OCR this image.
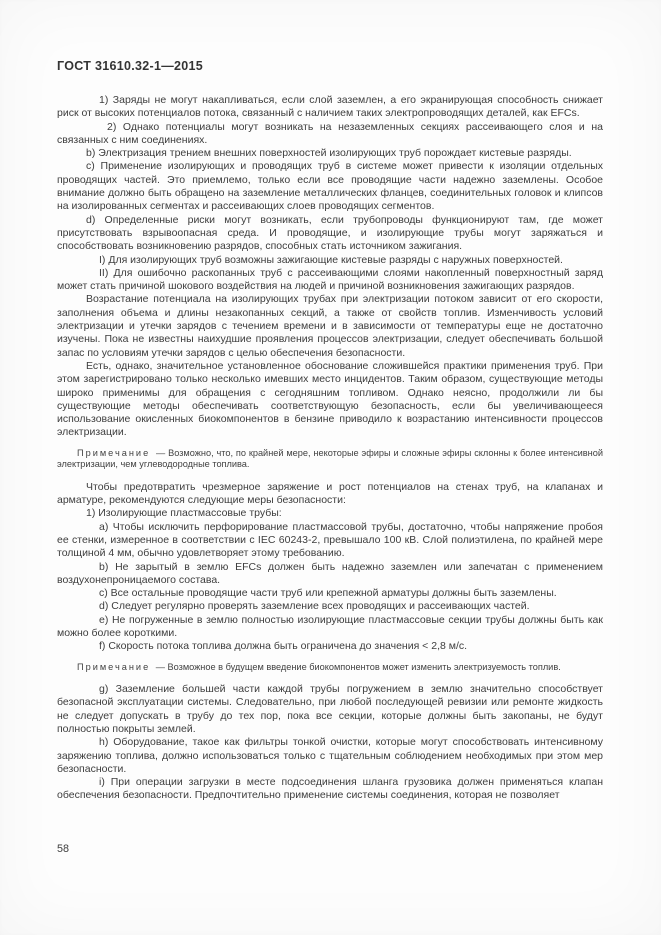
ГОСТ 31610.32-1—2015

1) Заряды не могут накапливаться, если слой заземлен, а его экранирующая способность снижает риск от высоких потенциалов потока, связанный с наличием таких электропроводящих деталей, как EFCs.

2) Однако потенциалы могут возникать на незаземленных секциях рассеивающего слоя и на связанных с ним соединениях.

b) Электризация трением внешних поверхностей изолирующих труб порождает кистевые разряды.

c) Применение изолирующих и проводящих труб в системе может привести к изоляции отдельных проводящих частей. Это приемлемо, только если все проводящие части надежно заземлены. Особое внимание должно быть обращено на заземление металлических фланцев, соединительных головок и клипсов на изолированных сегментах и рассеивающих слоев проводящих сегментов.

d) Определенные риски могут возникать, если трубопроводы функционируют там, где может присутствовать взрывоопасная среда. И проводящие, и изолирующие трубы могут заряжаться и способствовать возникновению разрядов, способных стать источником зажигания.

I) Для изолирующих труб возможны зажигающие кистевые разряды с наружных поверхностей.

II) Для ошибочно раскопанных труб с рассеивающими слоями накопленный поверхностный заряд может стать причиной шокового воздействия на людей и причиной возникновения зажигающих разрядов.

Возрастание потенциала на изолирующих трубах при электризации потоком зависит от его скорости, заполнения объема и длины незакопанных секций, а также от свойств топлив. Изменчивость условий электризации и утечки зарядов с течением времени и в зависимости от температуры еще не достаточно изучены. Пока не известны наихудшие проявления процессов электризации, следует обеспечивать большой запас по условиям утечки зарядов с целью обеспечения безопасности.

Есть, однако, значительное установленное обоснование сложившейся практики применения труб. При этом зарегистрировано только несколько имевших место инцидентов. Таким образом, существующие методы широко применимы для обращения с сегодняшним топливом. Однако неясно, продолжили ли бы существующие методы обеспечивать соответствующую безопасность, если бы увеличивающееся использование окисленных биокомпонентов в бензине приводило к возрастанию интенсивности процессов электризации.

Примечание — Возможно, что, по крайней мере, некоторые эфиры и сложные эфиры склонны к более интенсивной электризации, чем углеводородные топлива.

Чтобы предотвратить чрезмерное заряжение и рост потенциалов на стенах труб, на клапанах и арматуре, рекомендуются следующие меры безопасности:

1) Изолирующие пластмассовые трубы:

a) Чтобы исключить перфорирование пластмассовой трубы, достаточно, чтобы напряжение пробоя ее стенки, измеренное в соответствии с IEC 60243-2, превышало 100 кВ. Слой полиэтилена, по крайней мере толщиной 4 мм, обычно удовлетворяет этому требованию.

b) Не зарытый в землю EFCs должен быть надежно заземлен или запечатан с применением воздухонепроницаемого состава.

c) Все остальные проводящие части труб или крепежной арматуры должны быть заземлены.

d) Следует регулярно проверять заземление всех проводящих и рассеивающих частей.

e) Не погруженные в землю полностью изолирующие пластмассовые секции трубы должны быть как можно более короткими.

f) Скорость потока топлива должна быть ограничена до значения < 2,8 м/с.

Примечание — Возможное в будущем введение биокомпонентов может изменить электризуемость топлив.

g) Заземление большей части каждой трубы погружением в землю значительно способствует безопасной эксплуатации системы. Следовательно, при любой последующей ревизии или ремонте жидкость не следует допускать в трубу до тех пор, пока все секции, которые должны быть закопаны, не будут полностью покрыты землей.

h) Оборудование, такое как фильтры тонкой очистки, которые могут способствовать интенсивному заряжению топлива, должно использоваться только с тщательным соблюдением необходимых при этом мер безопасности.

i) При операции загрузки в месте подсоединения шланга грузовика должен применяться клапан обеспечения безопасности. Предпочтительно применение системы соединения, которая не позволяет

58
